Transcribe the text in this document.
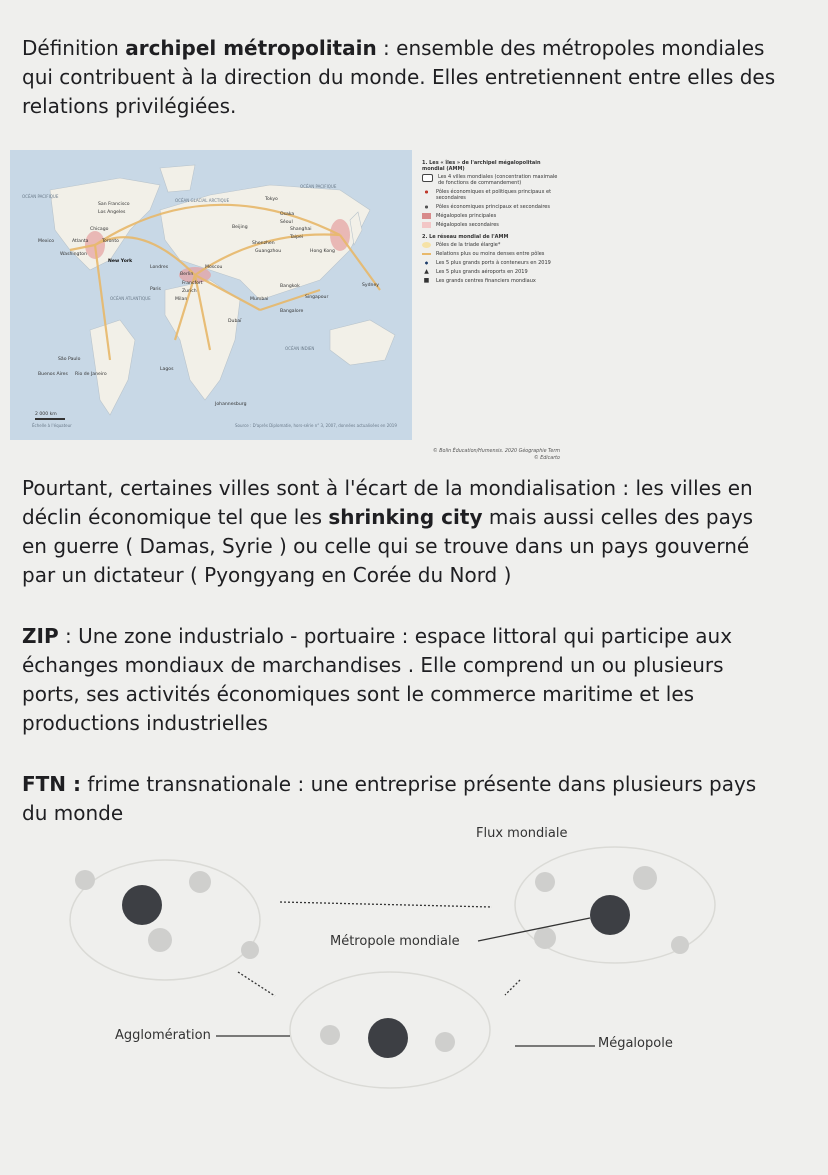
Définition archipel métropolitain : ensemble des métropoles mondiales qui contribuent à la direction du monde. Elles entretiennent entre elles des relations privilégiées.
OCÉAN PACIFIQUE
OCÉAN PACIFIQUE
OCÉAN ATLANTIQUE
OCÉAN GLACIAL ARCTIQUE
OCÉAN INDIEN
San Francisco
Los Angeles
Chicago
Mexico	Atlanta	Toronto
Washington
New York
Londres
Paris
Berlin
Moscou
Francfort
Zurich
Milan
Tokyo
Osaka
Séoul
Beijing	Shanghai
Taipei
Shenzhen
Guangzhou	Hong Kong
Bangkok
Singapour
Mumbai
Bangalore
Dubaï
Lagos
Johannesburg
Sydney
São Paulo
Rio de Janeiro
Buenos Aires
2 000 km
Échelle à l'équateur	Source : D'après Diplomatie, hors-série n° 3, 2007, données actualisées en 2019
1. Les « îles » de l'archipel mégalopolitain mondial (AMM)
Les 4 villes mondiales (concentration maximale de fonctions de commandement)
Pôles économiques et politiques principaux et secondaires
Pôles économiques principaux et secondaires
Mégalopoles principales
Mégalopoles secondaires
2. Le réseau mondial de l'AMM
Pôles de la triade élargie*
Relations plus ou moins denses entre pôles
Les 5 plus grands ports à conteneurs en 2019
▲	Les 5 plus grands aéroports en 2019
■	Les grands centres financiers mondiaux
© Bolin Éducation/Humensis. 2020 Géographie Term
© Edicarto
Pourtant, certaines villes sont à l'écart de la mondialisation : les villes en déclin économique tel que les shrinking city mais aussi celles des pays en guerre ( Damas, Syrie ) ou celle qui se trouve dans un pays gouverné par un dictateur ( Pyongyang en Corée du Nord )
ZIP : Une zone industrialo - portuaire : espace littoral qui participe aux échanges mondiaux de marchandises . Elle comprend un ou plusieurs ports, ses activités économiques sont le commerce maritime et les productions industrielles
FTN : frime transnationale : une entreprise présente dans plusieurs pays du monde
Flux mondiale
Métropole mondiale
Agglomération
Mégalopole
